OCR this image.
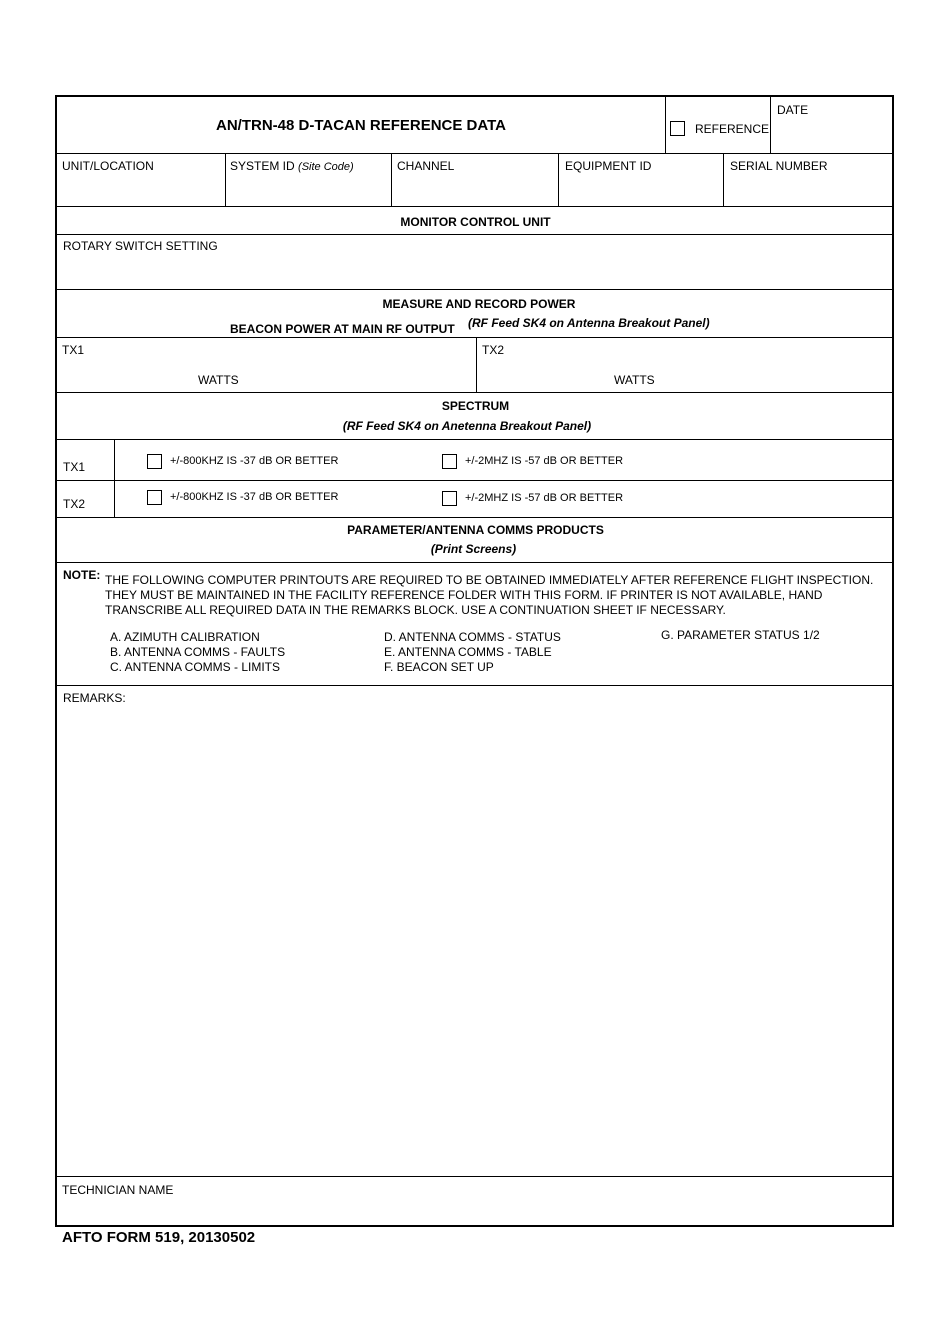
AN/TRN-48 D-TACAN REFERENCE DATA	REFERENCE
DATE
UNIT/LOCATION	SYSTEM ID (Site Code)	CHANNEL	EQUIPMENT ID	SERIAL NUMBER
MONITOR CONTROL UNIT
ROTARY SWITCH SETTING
MEASURE AND RECORD POWER
BEACON POWER AT MAIN RF OUTPUT (RF Feed SK4 on Antenna Breakout Panel)
TX1
WATTS
TX2
WATTS
SPECTRUM
(RF Feed SK4 on Anetenna Breakout Panel)
TX1	+/-800KHZ IS -37 dB OR BETTER	+/-2MHZ IS -57 dB OR BETTER
TX2	+/-800KHZ IS -37 dB OR BETTER	+/-2MHZ IS -57 dB OR BETTER
PARAMETER/ANTENNA COMMS PRODUCTS
(Print Screens)
NOTE: THE FOLLOWING COMPUTER PRINTOUTS ARE REQUIRED TO BE OBTAINED IMMEDIATELY AFTER REFERENCE FLIGHT INSPECTION.
THEY MUST BE MAINTAINED IN THE FACILITY REFERENCE FOLDER WITH THIS FORM. IF PRINTER IS NOT AVAILABLE, HAND
TRANSCRIBE ALL REQUIRED DATA IN THE REMARKS BLOCK. USE A CONTINUATION SHEET IF NECESSARY.
A. AZIMUTH CALIBRATION
B. ANTENNA COMMS - FAULTS
C. ANTENNA COMMS - LIMITS
D. ANTENNA COMMS - STATUS
E. ANTENNA COMMS - TABLE
F. BEACON SET UP
G. PARAMETER STATUS 1/2
REMARKS:
TECHNICIAN NAME
AFTO FORM 519, 20130502
